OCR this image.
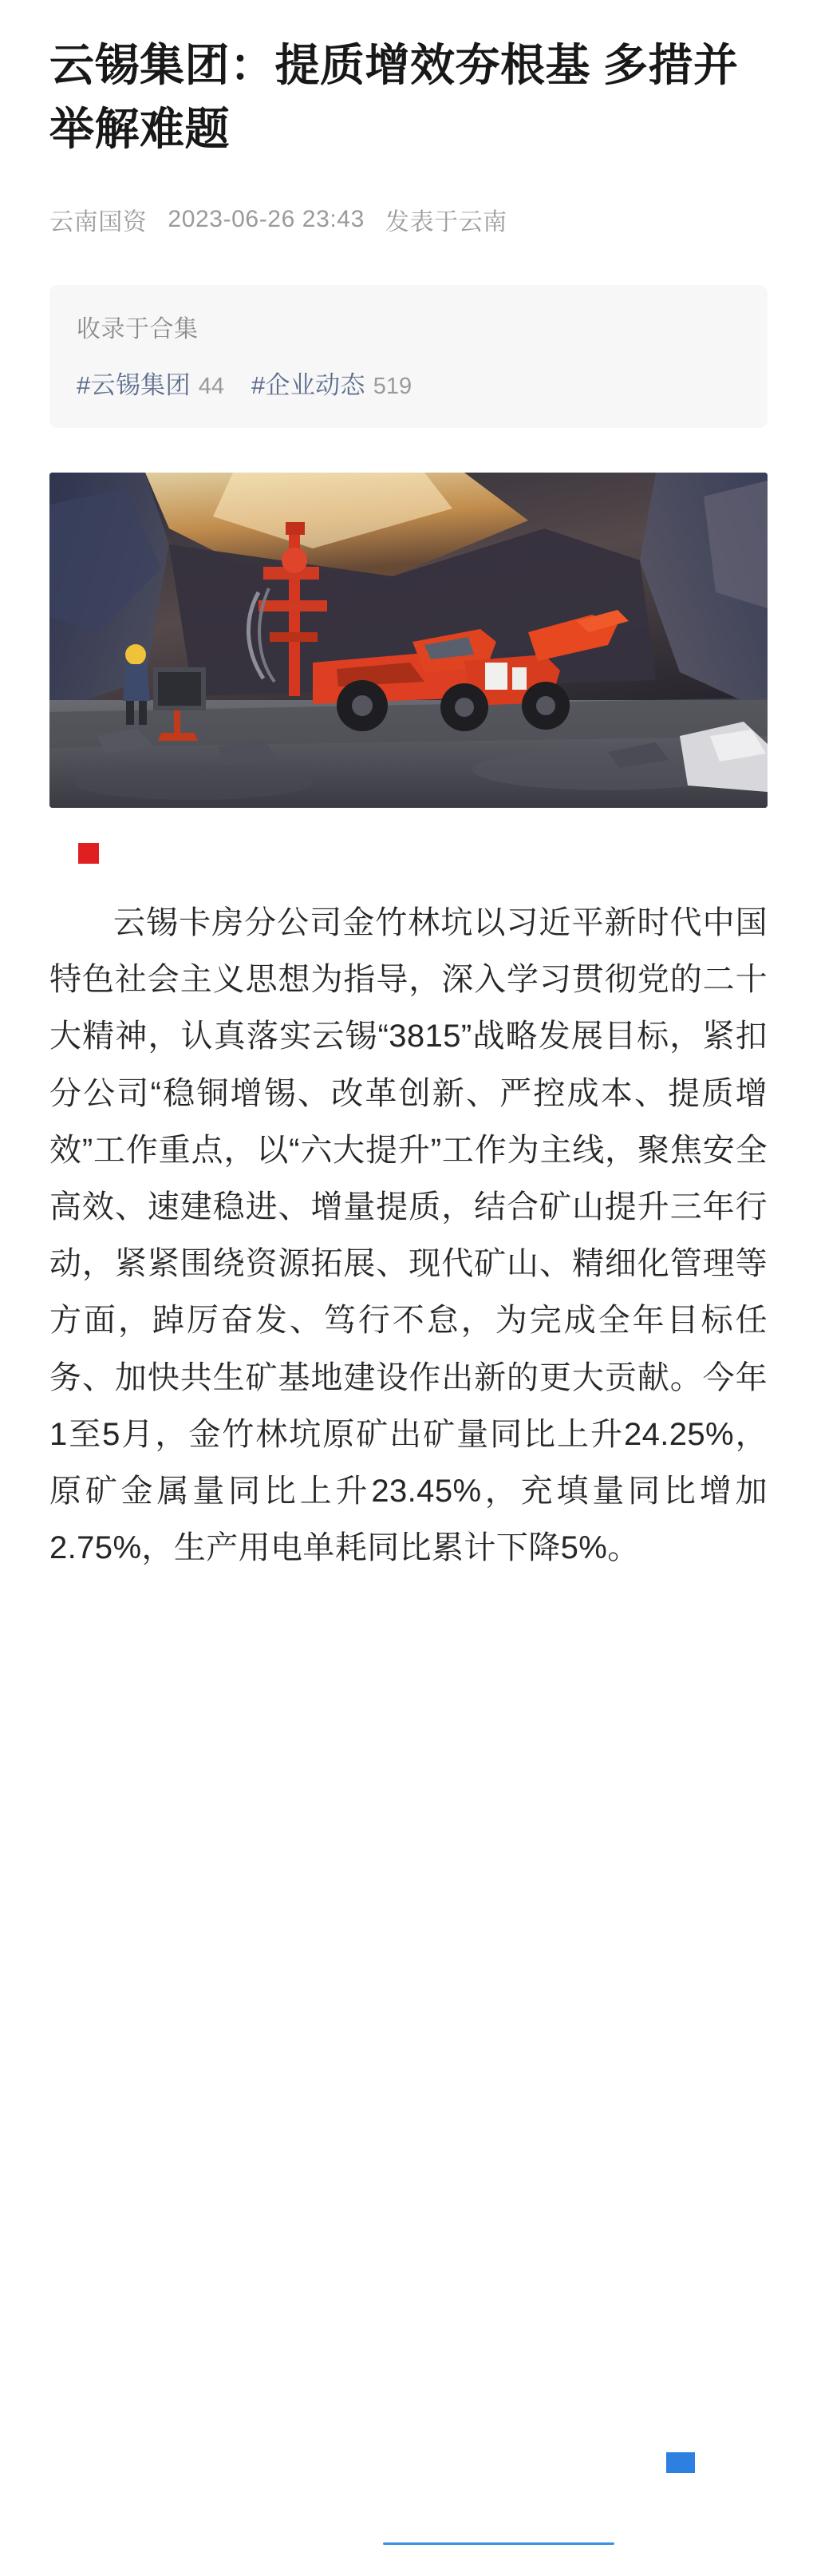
云锡集团：提质增效夯根基 多措并举解难题
云南国资 2023-06-26 23:43 发表于云南
收录于合集
#云锡集团 44 #企业动态 519

云锡卡房分公司金竹林坑以习近平新时代中国特色社会主义思想为指导，深入学习贯彻党的二十大精神，认真落实云锡“3815”战略发展目标，紧扣分公司“稳铜增锡、改革创新、严控成本、提质增效”工作重点，以“六大提升”工作为主线，聚焦安全高效、速建稳进、增量提质，结合矿山提升三年行动，紧紧围绕资源拓展、现代矿山、精细化管理等方面，踔厉奋发、笃行不怠，为完成全年目标任务、加快共生矿基地建设作出新的更大贡献。今年1至5月，金竹林坑原矿出矿量同比上升24.25%，原矿金属量同比上升23.45%，充填量同比增加2.75%，生产用电单耗同比累计下降5%。
